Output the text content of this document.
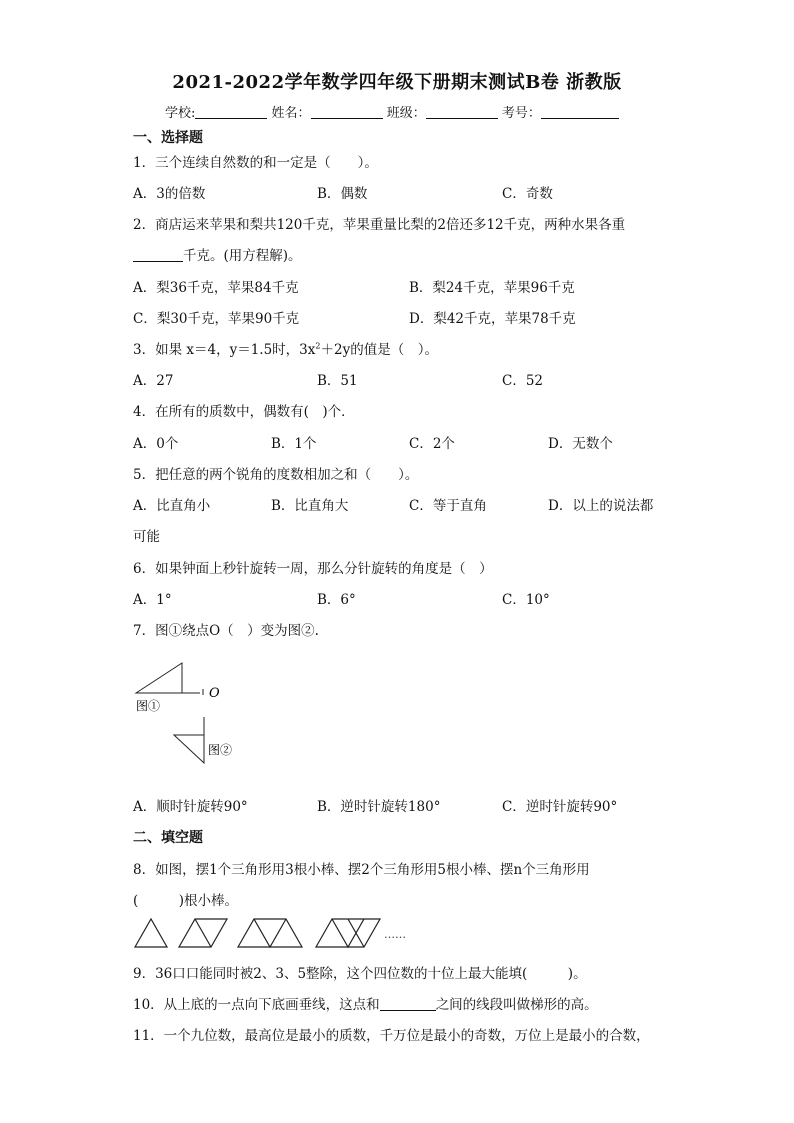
2021-2022学年数学四年级下册期末测试B卷 浙教版
学校:	姓名：	班级：	考号：
一、选择题
1．三个连续自然数的和一定是（　　）。
A．3的倍数	B．偶数	C．奇数
2．商店运来苹果和梨共120千克，苹果重量比梨的2倍还多12千克，两种水果各重
千克。(用方程解)。
A．梨36千克，苹果84千克	B．梨24千克，苹果96千克
C．梨30千克，苹果90千克	D．梨42千克，苹果78千克
3．如果 x＝4，y＝1.5时，$3x^2+2y$的值是（　）。
A．27	B．51	C．52
4．在所有的质数中，偶数有(　)个．
A．0个	B．1个	C．2个	D．无数个
5．把任意的两个锐角的度数相加之和（　　）。
A．比直角小	B．比直角大	C．等于直角	D．以上的说法都
可能
6．如果钟面上秒针旋转一周，那么分针旋转的角度是（　）
A．1°	B．6°	C．10°
7．图①绕点O（　）变为图②.
O
图①
图②
A．顺时针旋转90°	B．逆时针旋转180°	C．逆时针旋转90°
二、填空题
8．如图，摆1个三角形用3根小棒、摆2个三角形用5根小棒、摆n个三角形用
(　　　)根小棒。
……
9．36口口能同时被2、3、5整除，这个四位数的十位上最大能填(　　　)。
10．从上底的一点向下底画垂线，这点和	之间的线段叫做梯形的高。
11．一个九位数，最高位是最小的质数，千万位是最小的奇数，万位上是最小的合数，
